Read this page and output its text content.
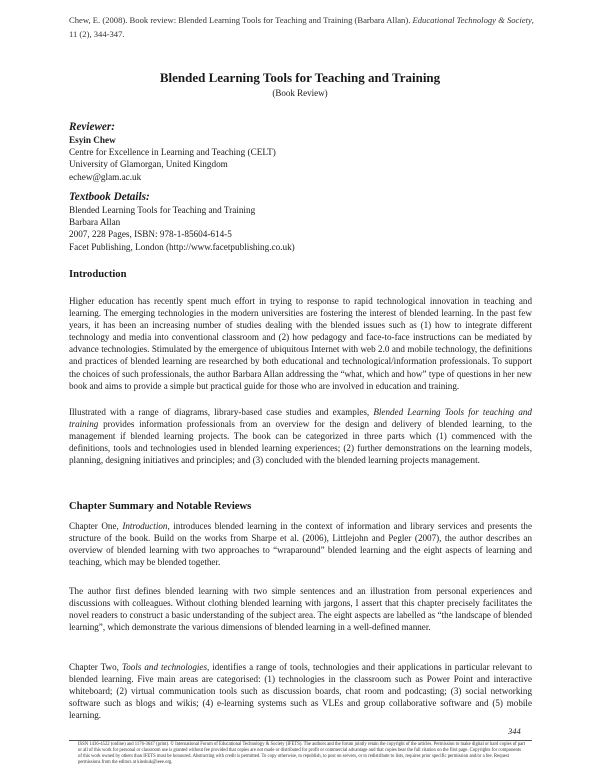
Chew, E. (2008). Book review: Blended Learning Tools for Teaching and Training (Barbara Allan). Educational Technology & Society, 11 (2), 344-347.
Blended Learning Tools for Teaching and Training
(Book Review)
Reviewer:
Esyin Chew
Centre for Excellence in Learning and Teaching (CELT)
University of Glamorgan, United Kingdom
echew@glam.ac.uk
Textbook Details:
Blended Learning Tools for Teaching and Training
Barbara Allan
2007, 228 Pages, ISBN: 978-1-85604-614-5
Facet Publishing, London (http://www.facetpublishing.co.uk)
Introduction

Higher education has recently spent much effort in trying to response to rapid technological innovation in teaching and learning. The emerging technologies in the modern universities are fostering the interest of blended learning. In the past few years, it has been an increasing number of studies dealing with the blended issues such as (1) how to integrate different technology and media into conventional classroom and (2) how pedagogy and face-to-face instructions can be mediated by advance technologies. Stimulated by the emergence of ubiquitous Internet with web 2.0 and mobile technology, the definitions and practices of blended learning are researched by both educational and technological/information professionals. To support the choices of such professionals, the author Barbara Allan addressing the “what, which and how” type of questions in her new book and aims to provide a simple but practical guide for those who are involved in education and training.

Illustrated with a range of diagrams, library-based case studies and examples, Blended Learning Tools for teaching and training provides information professionals from an overview for the design and delivery of blended learning, to the management if blended learning projects. The book can be categorized in three parts which (1) commenced with the definitions, tools and technologies used in blended learning experiences; (2) further demonstrations on the learning models, planning, designing initiatives and principles; and (3) concluded with the blended learning projects management.

Chapter Summary and Notable Reviews

Chapter One, Introduction, introduces blended learning in the context of information and library services and presents the structure of the book. Build on the works from Sharpe et al. (2006), Littlejohn and Pegler (2007), the author describes an overview of blended learning with two approaches to “wraparound” blended learning and the eight aspects of learning and teaching, which may be blended together.

The author first defines blended learning with two simple sentences and an illustration from personal experiences and discussions with colleagues. Without clothing blended learning with jargons, I assert that this chapter precisely facilitates the novel readers to construct a basic understanding of the subject area. The eight aspects are labelled as “the landscape of blended learning”, which demonstrate the various dimensions of blended learning in a well-defined manner.

Chapter Two, Tools and technologies, identifies a range of tools, technologies and their applications in particular relevant to blended learning. Five main areas are categorised: (1) technologies in the classroom such as Power Point and interactive whiteboard; (2) virtual communication tools such as discussion boards, chat room and podcasting; (3) social networking software such as blogs and wikis; (4) e-learning systems such as VLEs and group collaborative software and (5) mobile learning.

344
ISSN 1436-4522 (online) and 1176-3647 (print). © International Forum of Educational Technology & Society (IFETS). The authors and the forum jointly retain the copyright of the articles. Permission to make digital or hard copies of part or all of this work for personal or classroom use is granted without fee provided that copies are not made or distributed for profit or commercial advantage and that copies bear the full citation on the first page. Copyrights for components of this work owned by others than IFETS must be honoured. Abstracting with credit is permitted. To copy otherwise, to republish, to post on servers, or to redistribute to lists, requires prior specific permission and/or a fee. Request permissions from the editors at kinshuk@ieee.org.
